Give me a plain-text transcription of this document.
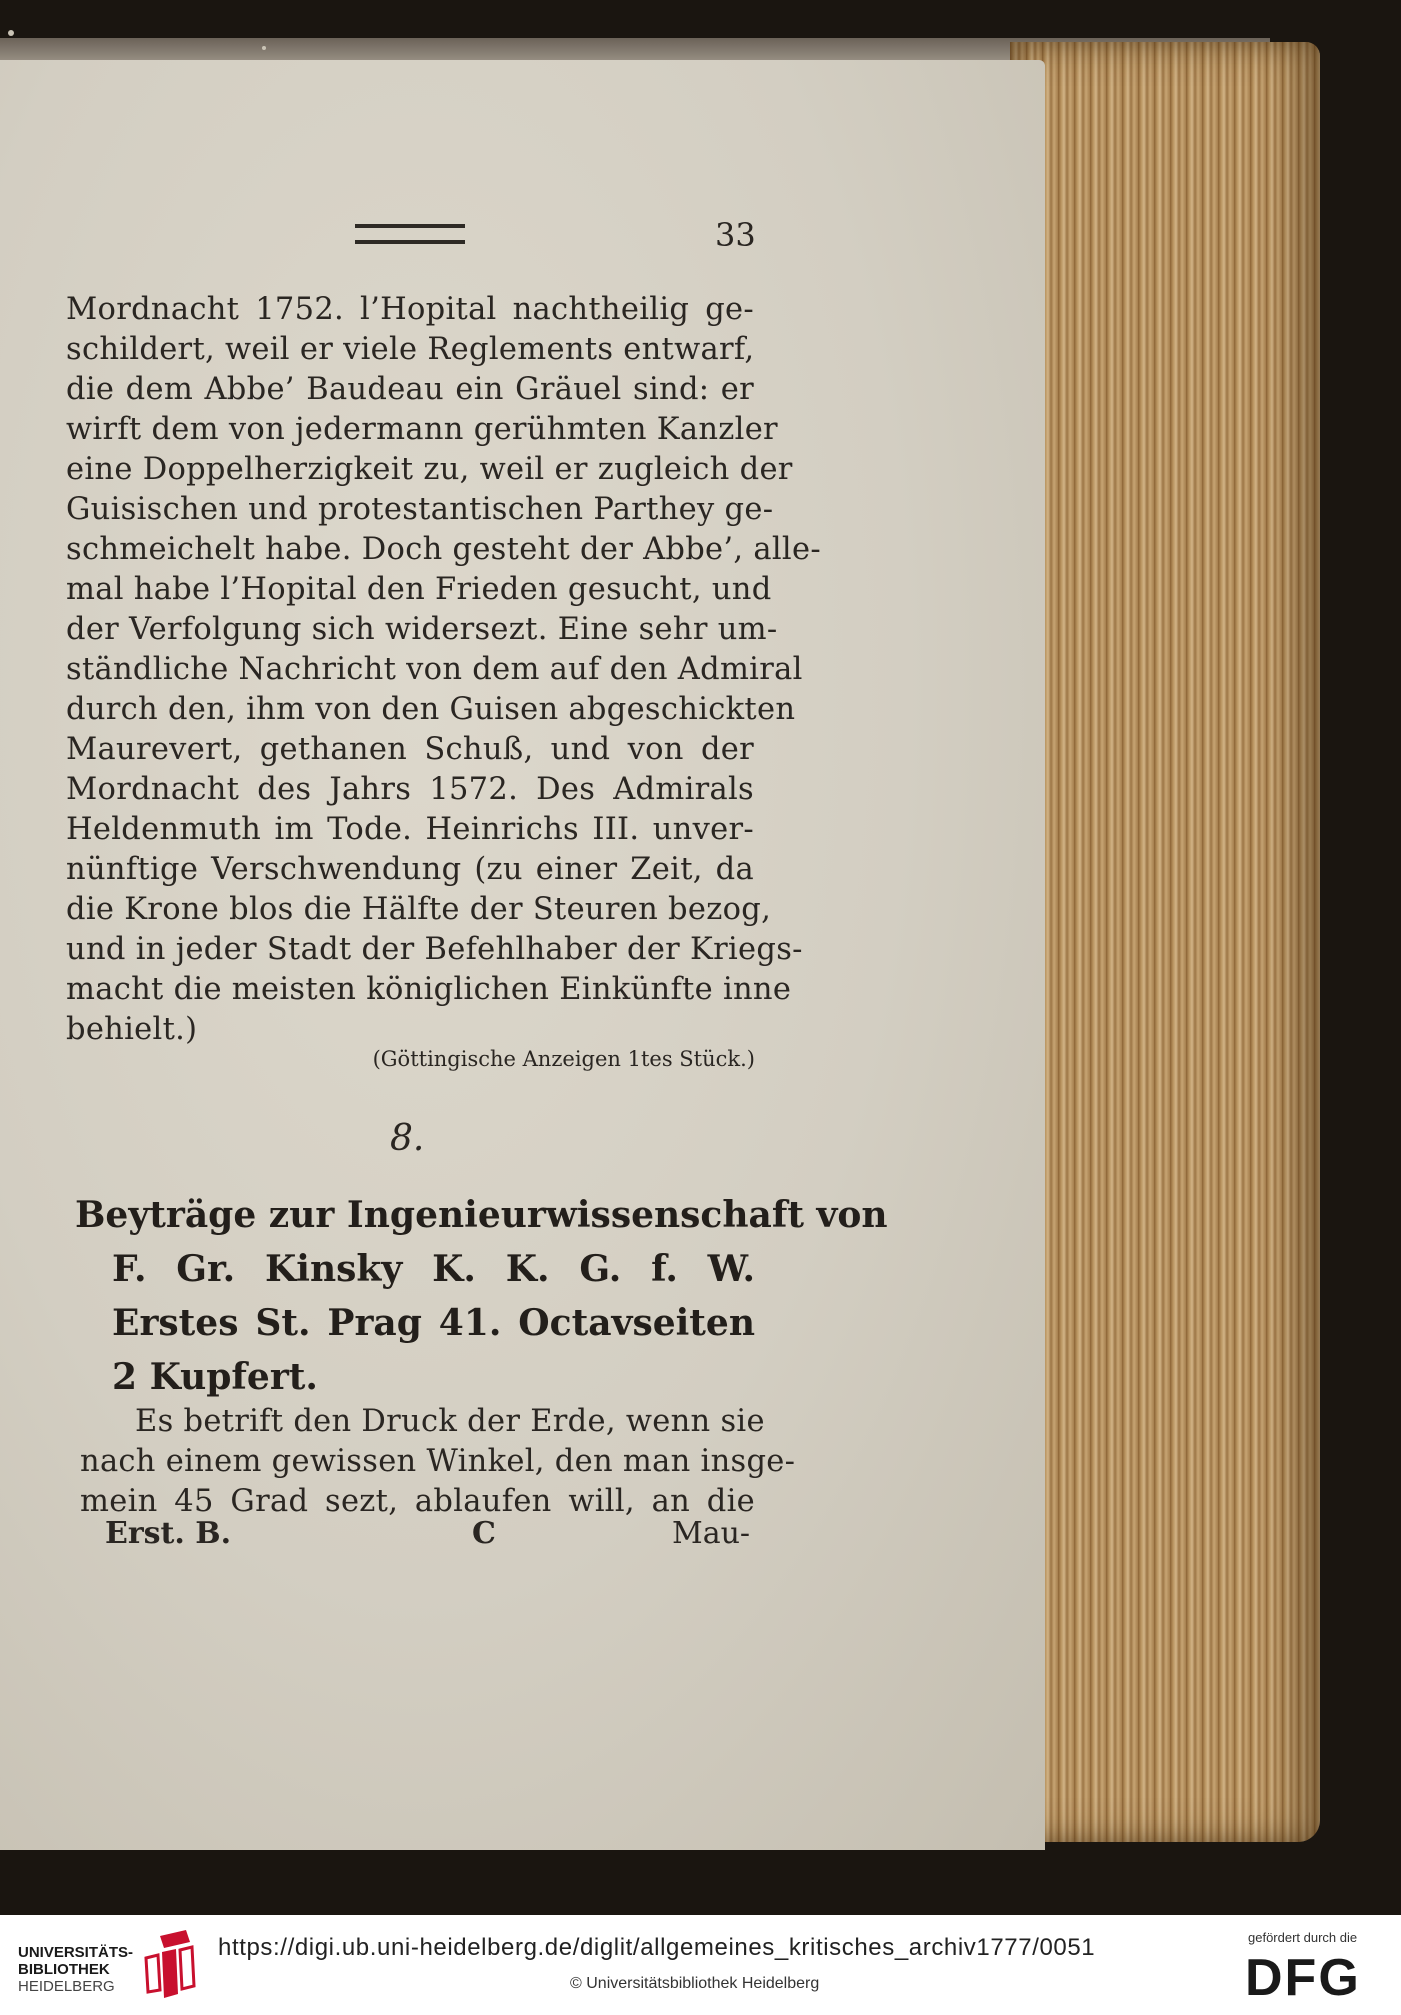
33
Mordnacht 1752. l’Hopital nachtheilig ge-
schildert, weil er viele Reglements entwarf,
die dem Abbe’ Baudeau ein Gräuel sind: er
wirft dem von jedermann gerühmten Kanzler
eine Doppelherzigkeit zu, weil er zugleich der
Guisischen und protestantischen Parthey ge-
schmeichelt habe. Doch gesteht der Abbe’, alle-
mal habe l’Hopital den Frieden gesucht, und
der Verfolgung sich widersezt. Eine sehr um-
ständliche Nachricht von dem auf den Admiral
durch den, ihm von den Guisen abgeschickten
Maurevert, gethanen Schuß, und von der
Mordnacht des Jahrs 1572. Des Admirals
Heldenmuth im Tode. Heinrichs III. unver-
nünftige Verschwendung (zu einer Zeit, da
die Krone blos die Hälfte der Steuren bezog,
und in jeder Stadt der Befehlhaber der Kriegs-
macht die meisten königlichen Einkünfte inne
behielt.)
(Göttingische Anzeigen 1tes Stück.)
8.
Beyträge zur Ingenieurwissenschaft von
F. Gr. Kinsky K. K. G. f. W.
Erstes St. Prag 41. Octavseiten
2 Kupfert.
Es betrift den Druck der Erde, wenn sie
nach einem gewissen Winkel, den man insge-
mein 45 Grad sezt, ablaufen will, an die
Erst. B.	C	Mau-
UNIVERSITÄTS-
BIBLIOTHEK
HEIDELBERG
https://digi.ub.uni-heidelberg.de/diglit/allgemeines_kritisches_archiv1777/0051
© Universitätsbibliothek Heidelberg
gefördert durch die
DFG
